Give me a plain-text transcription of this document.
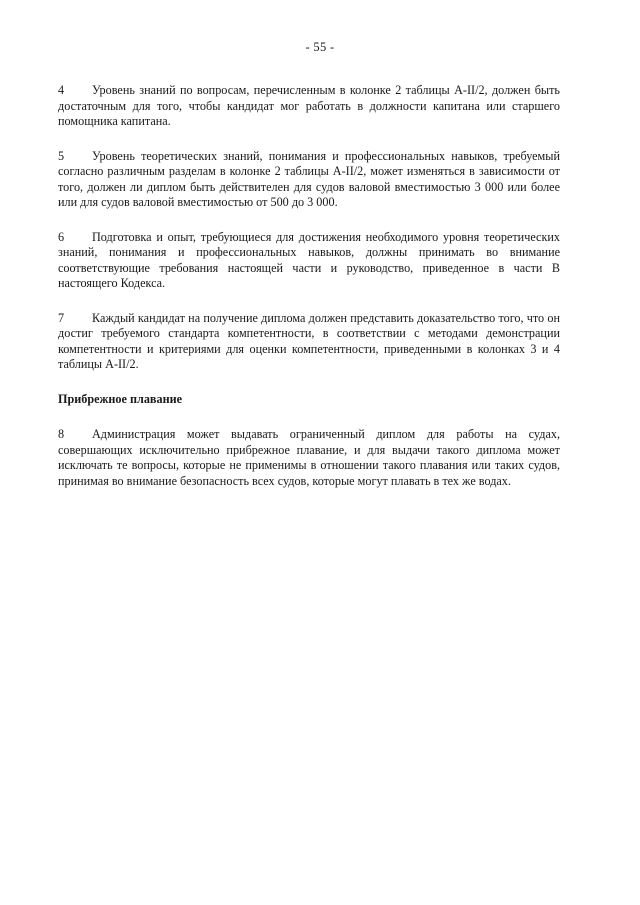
- 55 -

4 Уровень знаний по вопросам, перечисленным в колонке 2 таблицы A-II/2, должен быть достаточным для того, чтобы кандидат мог работать в должности капитана или старшего помощника капитана.

5 Уровень теоретических знаний, понимания и профессиональных навыков, требуемый согласно различным разделам в колонке 2 таблицы A-II/2, может изменяться в зависимости от того, должен ли диплом быть действителен для судов валовой вместимостью 3 000 или более или для судов валовой вместимостью от 500 до 3 000.

6 Подготовка и опыт, требующиеся для достижения необходимого уровня теоретических знаний, понимания и профессиональных навыков, должны принимать во внимание соответствующие требования настоящей части и руководство, приведенное в части B настоящего Кодекса.

7 Каждый кандидат на получение диплома должен представить доказательство того, что он достиг требуемого стандарта компетентности, в соответствии с методами демонстрации компетентности и критериями для оценки компетентности, приведенными в колонках 3 и 4 таблицы A-II/2.

Прибрежное плавание

8 Администрация может выдавать ограниченный диплом для работы на судах, совершающих исключительно прибрежное плавание, и для выдачи такого диплома может исключать те вопросы, которые не применимы в отношении такого плавания или таких судов, принимая во внимание безопасность всех судов, которые могут плавать в тех же водах.
